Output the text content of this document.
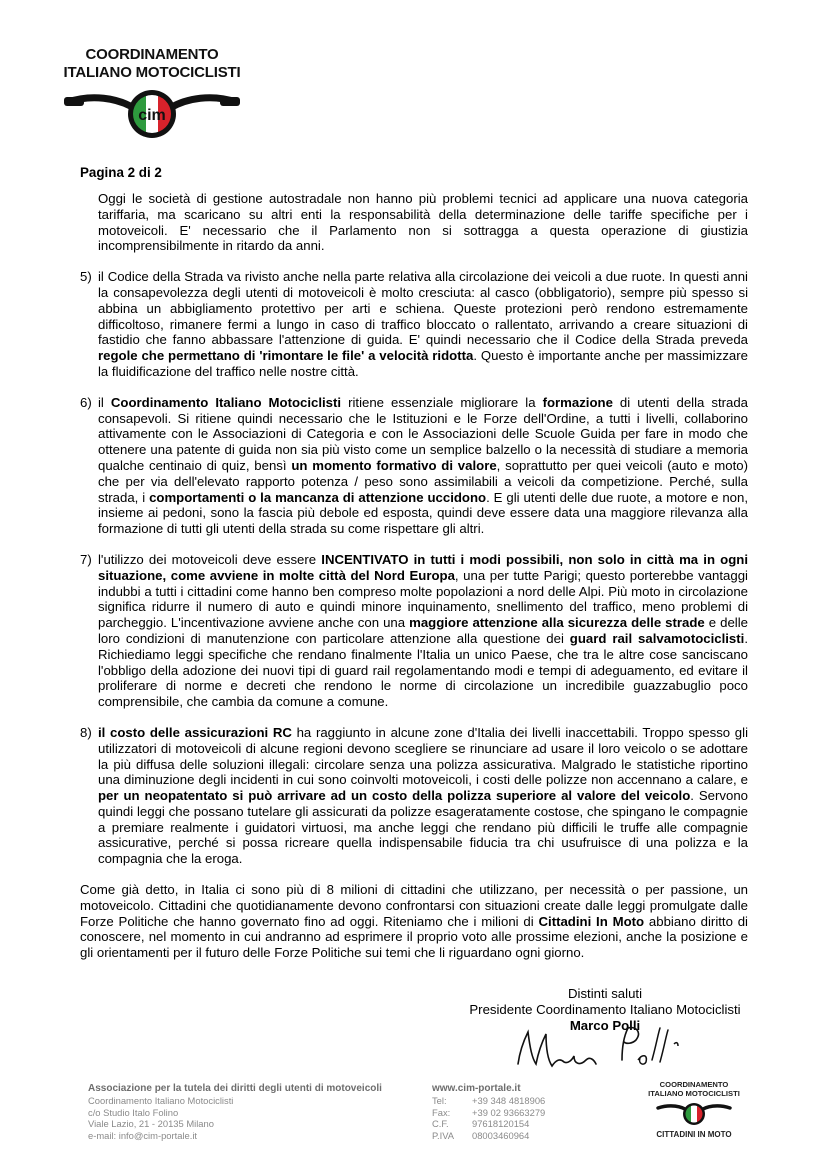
COORDINAMENTO
ITALIANO MOTOCICLISTI
cim
Pagina 2 di 2

Oggi le società di gestione autostradale non hanno più problemi tecnici ad applicare una nuova categoria tariffaria, ma scaricano su altri enti la responsabilità della determinazione delle tariffe specifiche per i motoveicoli. E' necessario che il Parlamento non si sottragga a questa operazione di giustizia incomprensibilmente in ritardo da anni.

5) il Codice della Strada va rivisto anche nella parte relativa alla circolazione dei veicoli a due ruote. In questi anni la consapevolezza degli utenti di motoveicoli è molto cresciuta: al casco (obbligatorio), sempre più spesso si abbina un abbigliamento protettivo per arti e schiena. Queste protezioni però rendono estremamente difficoltoso, rimanere fermi a lungo in caso di traffico bloccato o rallentato, arrivando a creare situazioni di fastidio che fanno abbassare l'attenzione di guida. E' quindi necessario che il Codice della Strada preveda regole che permettano di 'rimontare le file' a velocità ridotta. Questo è importante anche per massimizzare la fluidificazione del traffico nelle nostre città.
6) il Coordinamento Italiano Motociclisti ritiene essenziale migliorare la formazione di utenti della strada consapevoli. Si ritiene quindi necessario che le Istituzioni e le Forze dell'Ordine, a tutti i livelli, collaborino attivamente con le Associazioni di Categoria e con le Associazioni delle Scuole Guida per fare in modo che ottenere una patente di guida non sia più visto come un semplice balzello o la necessità di studiare a memoria qualche centinaio di quiz, bensì un momento formativo di valore, soprattutto per quei veicoli (auto e moto) che per via dell'elevato rapporto potenza / peso sono assimilabili a veicoli da competizione. Perché, sulla strada, i comportamenti o la mancanza di attenzione uccidono. E gli utenti delle due ruote, a motore e non, insieme ai pedoni, sono la fascia più debole ed esposta, quindi deve essere data una maggiore rilevanza alla formazione di tutti gli utenti della strada su come rispettare gli altri.
7) l'utilizzo dei motoveicoli deve essere INCENTIVATO in tutti i modi possibili, non solo in città ma in ogni situazione, come avviene in molte città del Nord Europa, una per tutte Parigi; questo porterebbe vantaggi indubbi a tutti i cittadini come hanno ben compreso molte popolazioni a nord delle Alpi. Più moto in circolazione significa ridurre il numero di auto e quindi minore inquinamento, snellimento del traffico, meno problemi di parcheggio. L'incentivazione avviene anche con una maggiore attenzione alla sicurezza delle strade e delle loro condizioni di manutenzione con particolare attenzione alla questione dei guard rail salvamotociclisti. Richiediamo leggi specifiche che rendano finalmente l'Italia un unico Paese, che tra le altre cose sanciscano l'obbligo della adozione dei nuovi tipi di guard rail regolamentando modi e tempi di adeguamento, ed evitare il proliferare di norme e decreti che rendono le norme di circolazione un incredibile guazzabuglio poco comprensibile, che cambia da comune a comune.
8) il costo delle assicurazioni RC ha raggiunto in alcune zone d'Italia dei livelli inaccettabili. Troppo spesso gli utilizzatori di motoveicoli di alcune regioni devono scegliere se rinunciare ad usare il loro veicolo o se adottare la più diffusa delle soluzioni illegali: circolare senza una polizza assicurativa. Malgrado le statistiche riportino una diminuzione degli incidenti in cui sono coinvolti motoveicoli, i costi delle polizze non accennano a calare, e per un neopatentato si può arrivare ad un costo della polizza superiore al valore del veicolo. Servono quindi leggi che possano tutelare gli assicurati da polizze esageratamente costose, che spingano le compagnie a premiare realmente i guidatori virtuosi, ma anche leggi che rendano più difficili le truffe alle compagnie assicurative, perché si possa ricreare quella indispensabile fiducia tra chi usufruisce di una polizza e la compagnia che la eroga.

Come già detto, in Italia ci sono più di 8 milioni di cittadini che utilizzano, per necessità o per passione, un motoveicolo. Cittadini che quotidianamente devono confrontarsi con situazioni create dalle leggi promulgate dalle Forze Politiche che hanno governato fino ad oggi. Riteniamo che i milioni di Cittadini In Moto abbiano diritto di conoscere, nel momento in cui andranno ad esprimere il proprio voto alle prossime elezioni, anche la posizione e gli orientamenti per il futuro delle Forze Politiche sui temi che li riguardano ogni giorno.

Distinti saluti
Presidente Coordinamento Italiano Motociclisti
Marco Polli
Associazione per la tutela dei diritti degli utenti di motoveicoli
Coordinamento Italiano Motociclisti
c/o Studio Italo Folino
Viale Lazio, 21 - 20135 Milano
e-mail: info@cim-portale.it
www.cim-portale.it
Tel:	+39 348 4818906
Fax:	+39 02 93663279
C.F.	97618120154
P.IVA	08003460964
COORDINAMENTO
ITALIANO MOTOCICLISTI
CITTADINI IN MOTO
